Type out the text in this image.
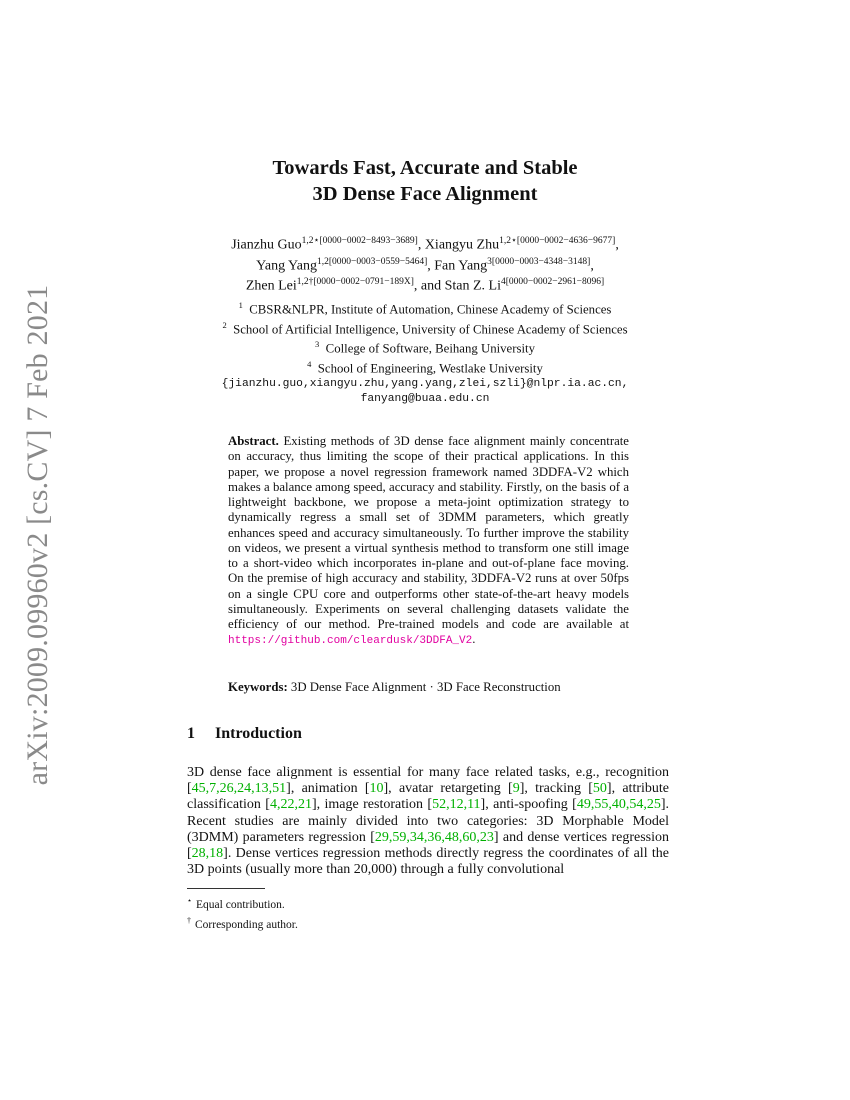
arXiv:2009.09960v2 [cs.CV] 7 Feb 2021
Towards Fast, Accurate and Stable
3D Dense Face Alignment
Jianzhu Guo$^{1,2⋆[0000-0002-8493-3689]}$, Xiangyu Zhu$^{1,2⋆[0000-0002-4636-9677]}$,
Yang Yang$^{1,2[0000-0003-0559-5464]}$, Fan Yang$^{3[0000-0003-4348-3148]}$,
Zhen Lei$^{1,2\dagger[0000-0002-0791-189X]}$, and Stan Z. $Li^{4[0000-0002-2961-8096]}$
$^1$ CBSR&NLPR, Institute of Automation, Chinese Academy of Sciences
$^2$ School of Artificial Intelligence, University of Chinese Academy of Sciences
$^3$ College of Software, Beihang University
$^4$ School of Engineering, Westlake University
{jianzhu.guo,xiangyu.zhu,yang.yang,zlei,szli}@nlpr.ia.ac.cn,
fanyang@buaa.edu.cn
Abstract. Existing methods of 3D dense face alignment mainly concentrate on accuracy, thus limiting the scope of their practical applications. In this paper, we propose a novel regression framework named 3DDFA-V2 which makes a balance among speed, accuracy and stability. Firstly, on the basis of a lightweight backbone, we propose a meta-joint optimization strategy to dynamically regress a small set of 3DMM parameters, which greatly enhances speed and accuracy simultaneously. To further improve the stability on videos, we present a virtual synthesis method to transform one still image to a short-video which incorporates in-plane and out-of-plane face moving. On the premise of high accuracy and stability, 3DDFA-V2 runs at over 50fps on a single CPU core and outperforms other state-of-the-art heavy models simultaneously. Experiments on several challenging datasets validate the efficiency of our method. Pre-trained models and code are available at https://github.com/cleardusk/3DDFA_V2.
Keywords: 3D Dense Face Alignment · 3D Face Reconstruction
1 Introduction
3D dense face alignment is essential for many face related tasks, e.g., recognition [45,7,26,24,13,51], animation [10], avatar retargeting [9], tracking [50], attribute classification [4,22,21], image restoration [52,12,11], anti-spoofing [49,55,40,54,25]. Recent studies are mainly divided into two categories: 3D Morphable Model (3DMM) parameters regression [29,59,34,36,48,60,23] and dense vertices regression [28,18]. Dense vertices regression methods directly regress the coordinates of all the 3D points (usually more than 20,000) through a fully convolutional
⋆ Equal contribution.
† Corresponding author.
